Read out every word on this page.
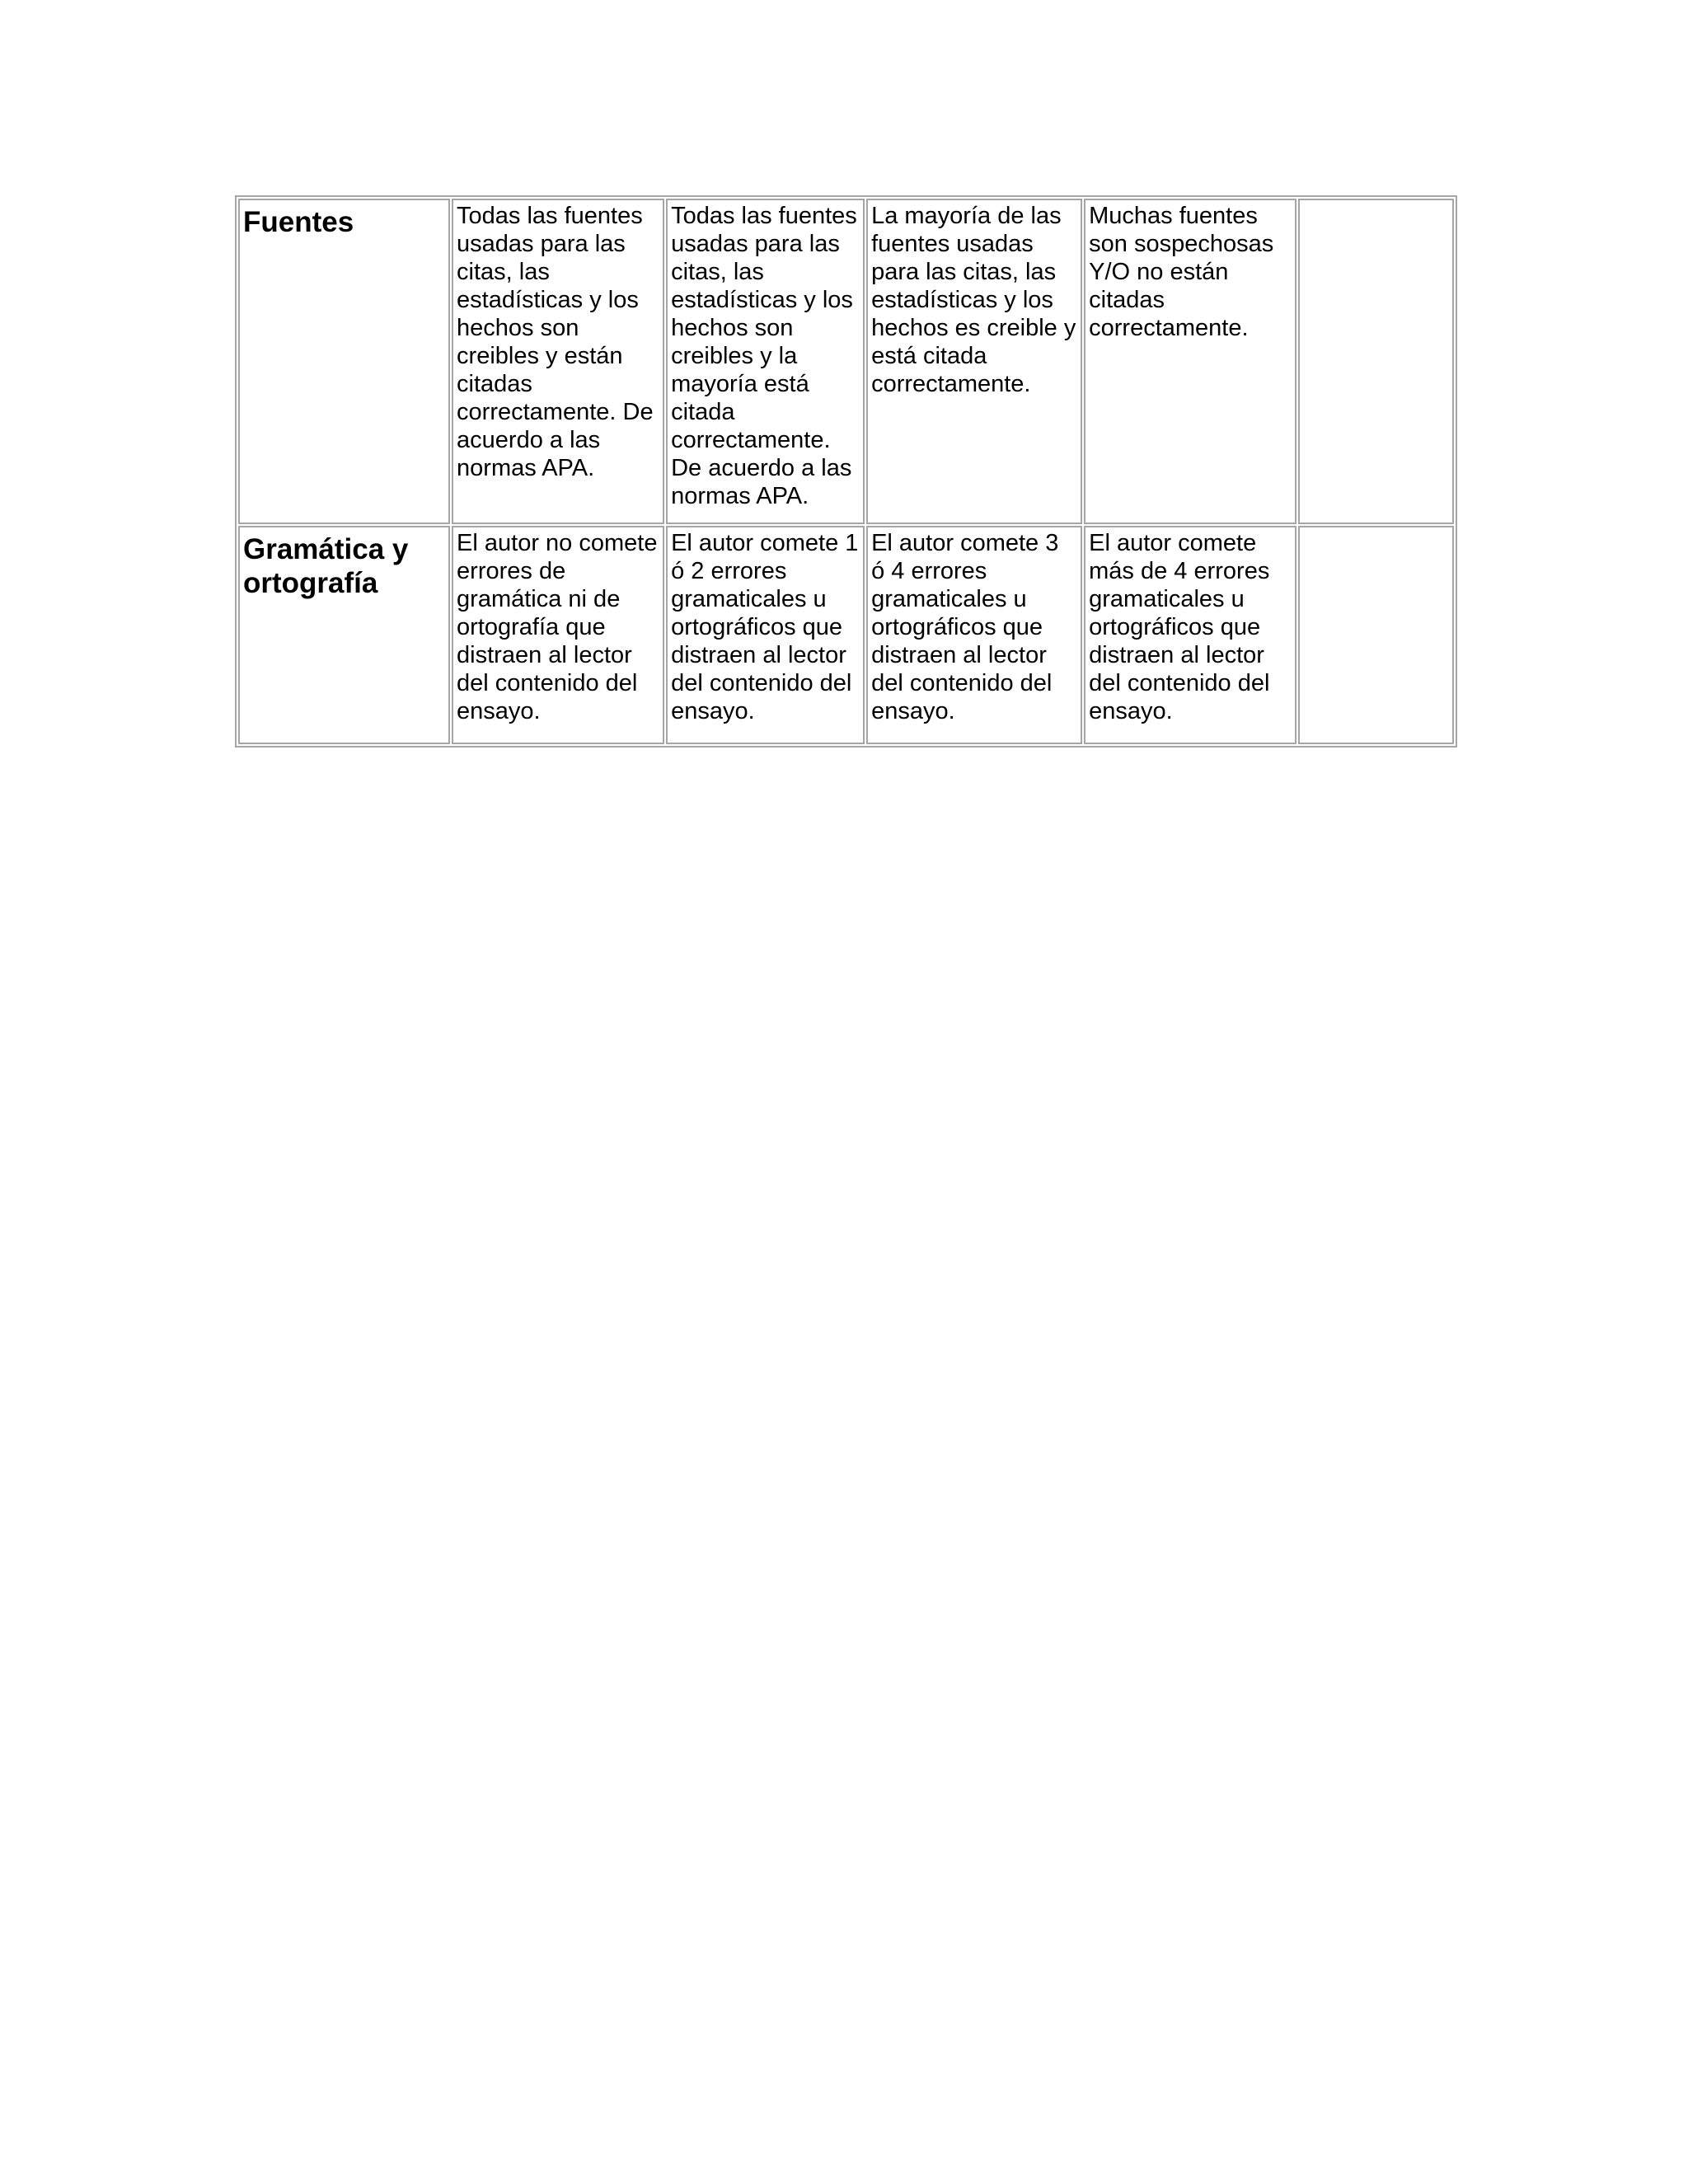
Fuentes	Todas las fuentes usadas para las citas, las estadísticas y los hechos son creibles y están citadas correctamente. De acuerdo a las normas APA.	Todas las fuentes usadas para las citas, las estadísticas y los hechos son creibles y la mayoría está citada correctamente. De acuerdo a las normas APA.	La mayoría de las fuentes usadas para las citas, las estadísticas y los hechos es creible y está citada correctamente.	Muchas fuentes son sospechosas Y/O no están citadas correctamente.	
Gramática y ortografía	El autor no comete errores de gramática ni de ortografía que distraen al lector del contenido del ensayo.	El autor comete 1 ó 2 errores gramaticales u ortográficos que distraen al lector del contenido del ensayo.	El autor comete 3 ó 4 errores gramaticales u ortográficos que distraen al lector del contenido del ensayo.	El autor comete más de 4 errores gramaticales u ortográficos que distraen al lector del contenido del ensayo.	
